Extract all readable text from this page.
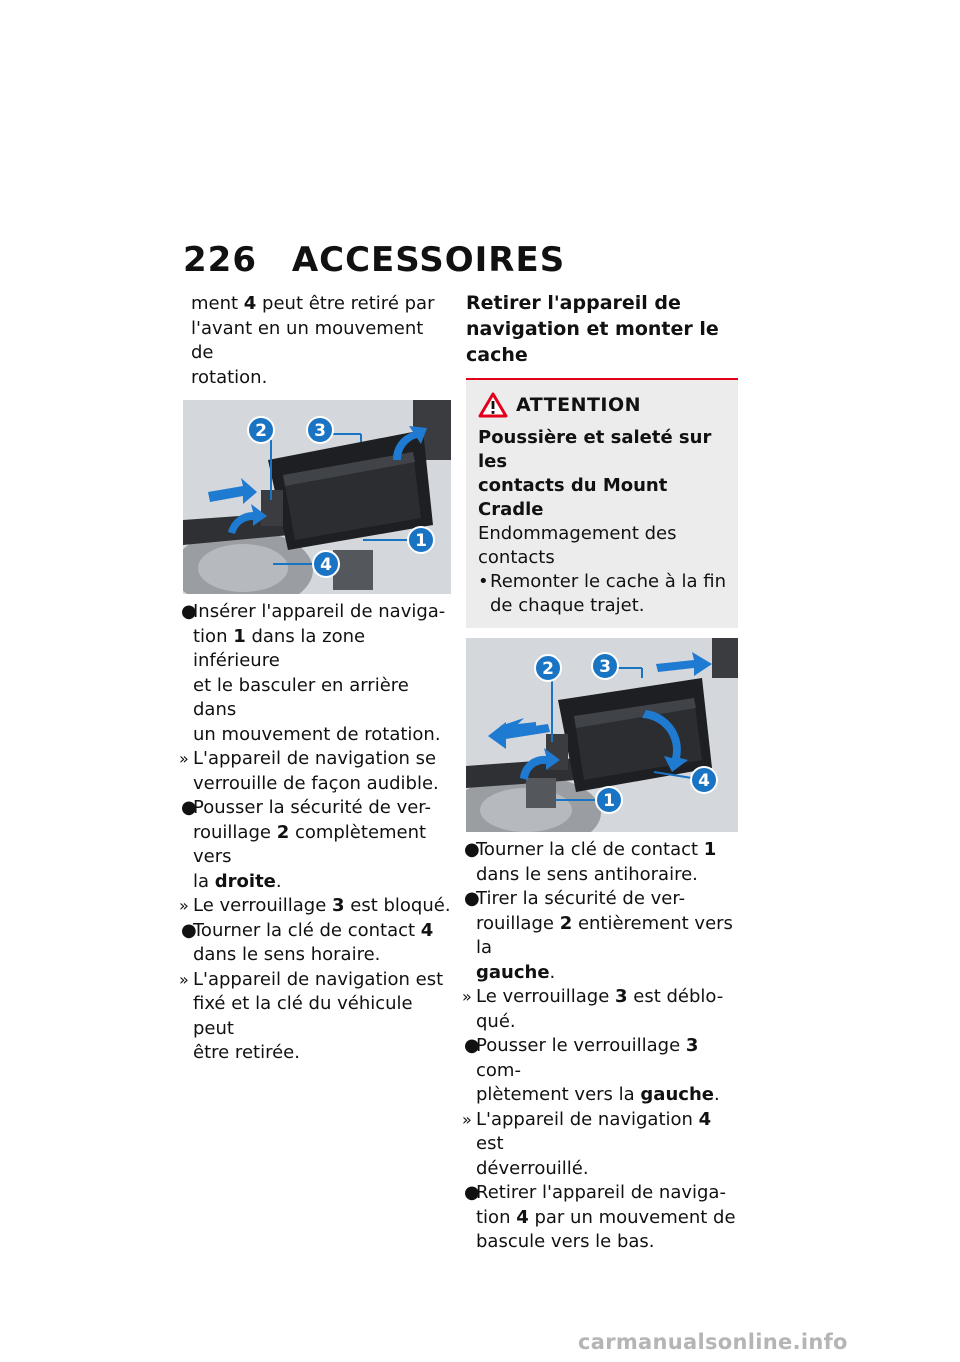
226 ACCESSOIRES
ment 4 peut être retiré par
l'avant en un mouvement de
rotation.
2	3
1
4
●
Insérer l'appareil de naviga-
tion 1 dans la zone inférieure
et le basculer en arrière dans
un mouvement de rotation.
» L'appareil de navigation se
verrouille de façon audible.
●
Pousser la sécurité de ver-
rouillage 2 complètement vers
la droite.
» Le verrouillage 3 est bloqué.
●
Tourner la clé de contact 4
dans le sens horaire.
» L'appareil de navigation est
fixé et la clé du véhicule peut
être retirée.

Retirer l'appareil de
navigation et monter le cache

ATTENTION
Poussière et saleté sur les
contacts du Mount Cradle
Endommagement des
contacts
• Remonter le cache à la fin
de chaque trajet.
2	3
4
1
●
Tourner la clé de contact 1
dans le sens antihoraire.
●
Tirer la sécurité de ver-
rouillage 2 entièrement vers la
gauche.
» Le verrouillage 3 est déblo-
qué.
●
Pousser le verrouillage 3 com-
plètement vers la gauche.
» L'appareil de navigation 4 est
déverrouillé.
●
Retirer l'appareil de naviga-
tion 4 par un mouvement de
bascule vers le bas.
carmanualsonline.info
